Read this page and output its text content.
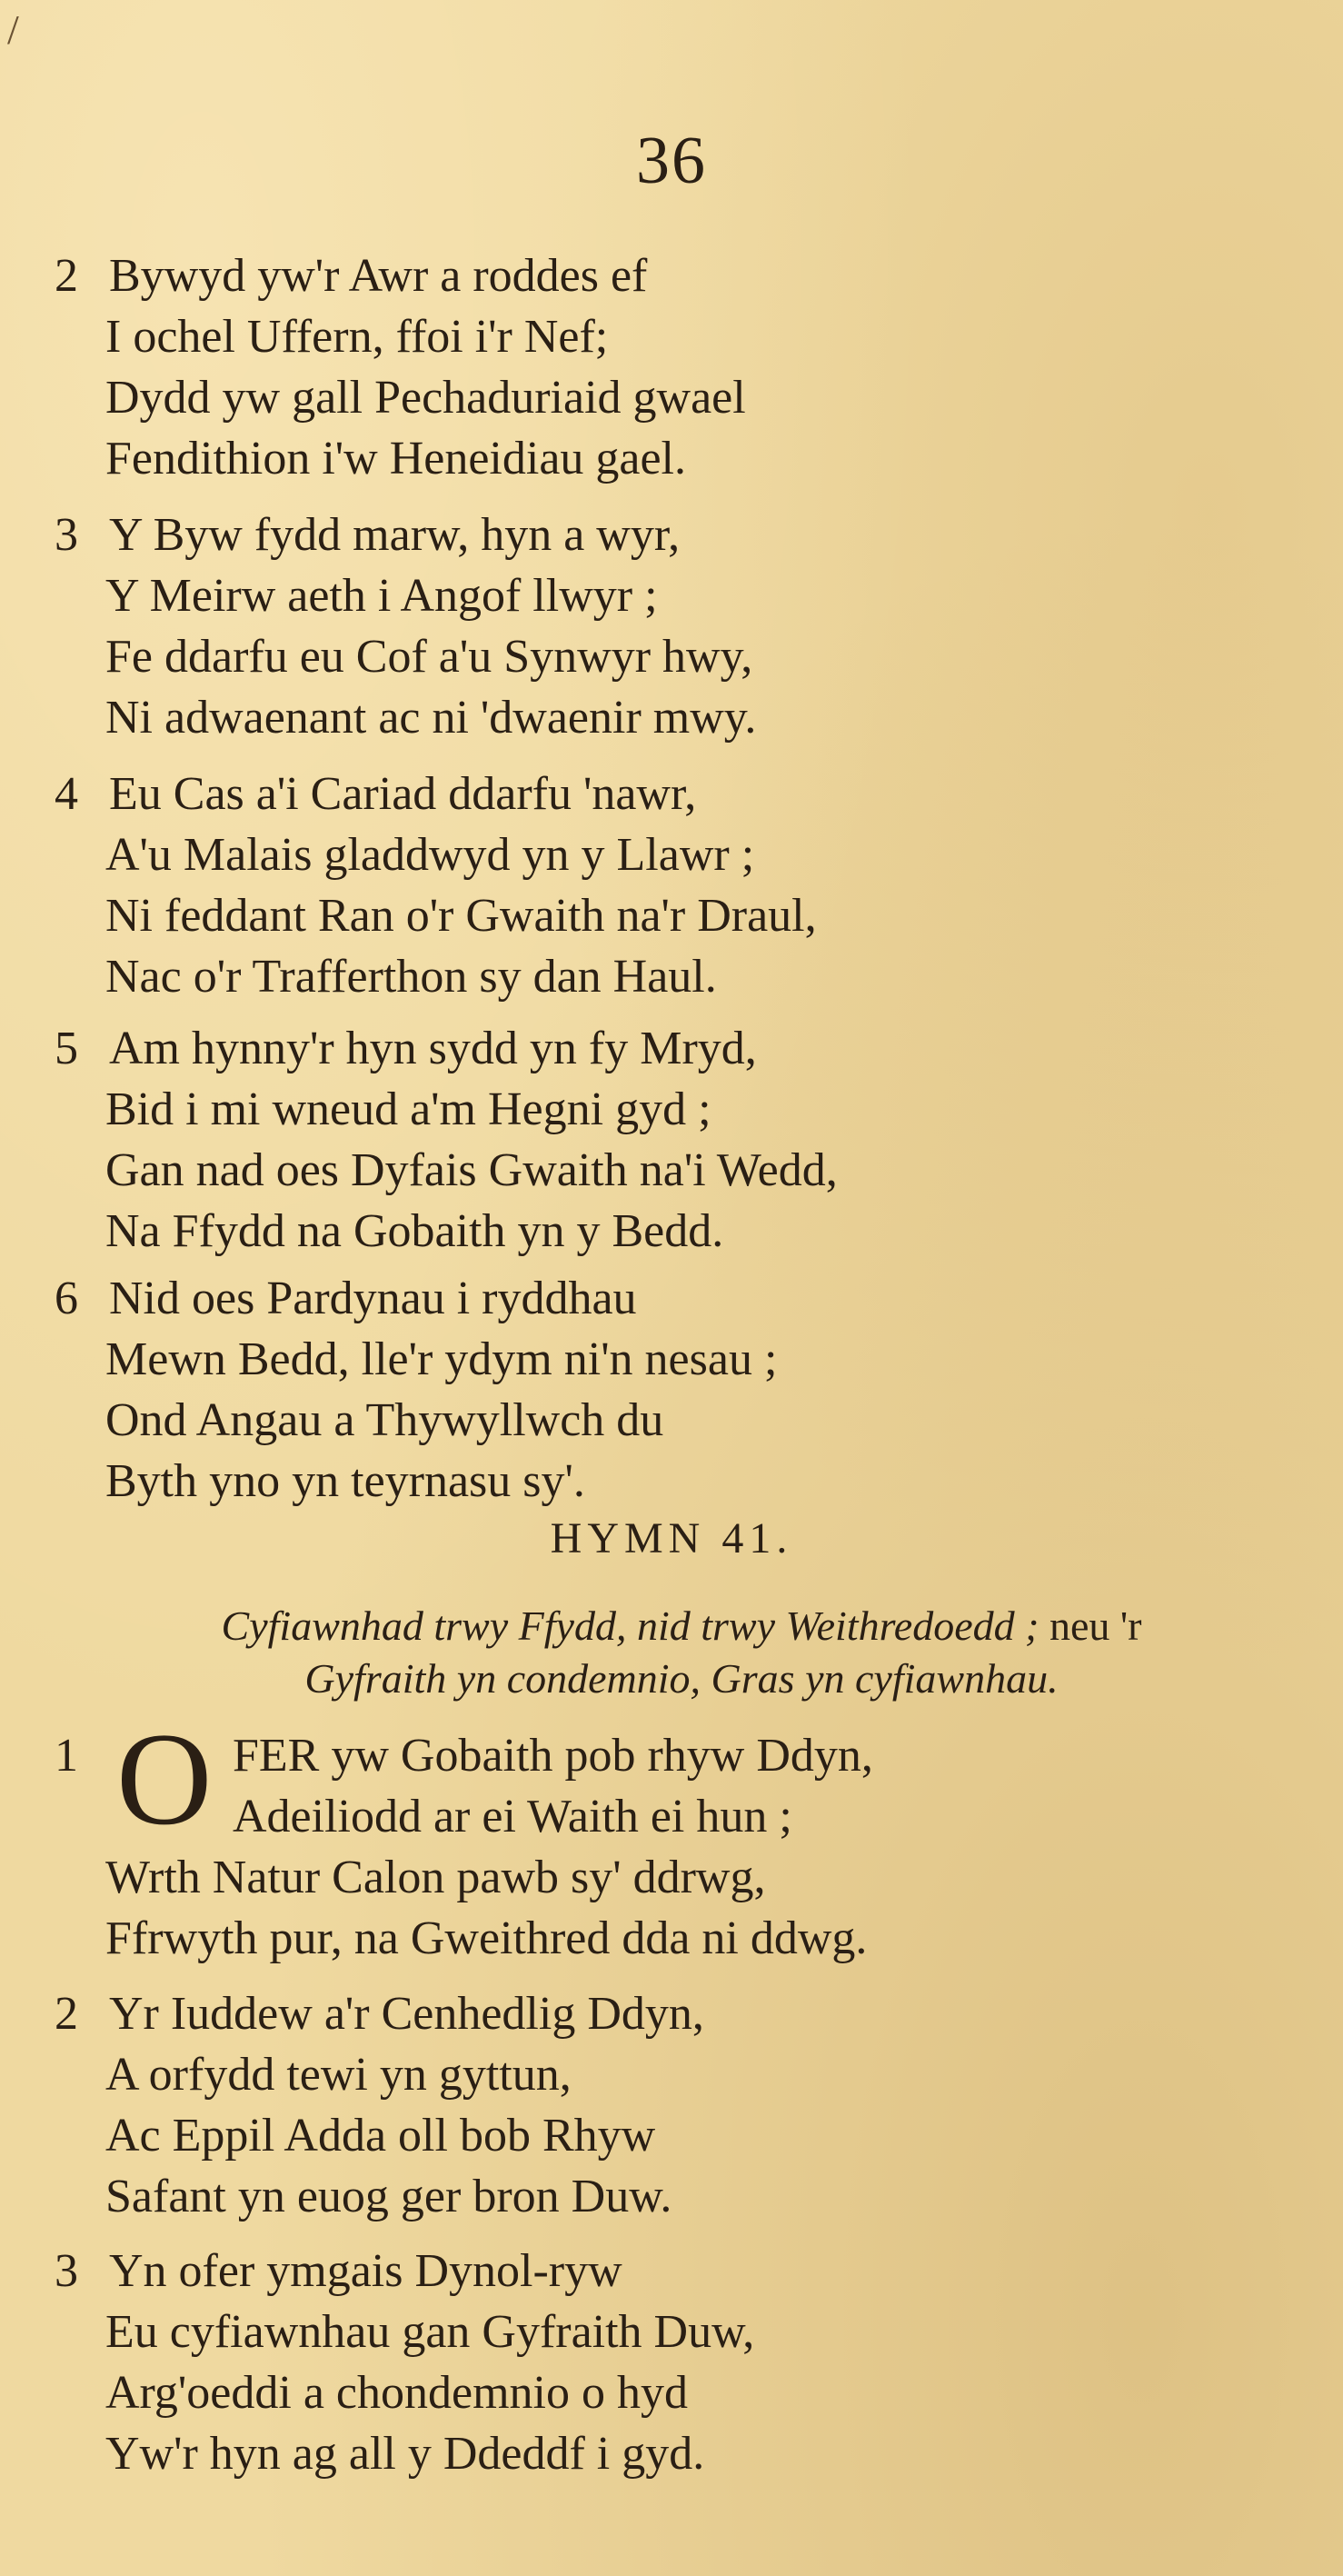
/
36
2 Bywyd yw'r Awr a roddes ef
I ochel Uffern, ffoi i'r Nef;
Dydd yw gall Pechaduriaid gwael
Fendithion i'w Heneidiau gael.
3 Y Byw fydd marw, hyn a wyr,
Y Meirw aeth i Angof llwyr ;
Fe ddarfu eu Cof a'u Synwyr hwy,
Ni adwaenant ac ni 'dwaenir mwy.
4 Eu Cas a'i Cariad ddarfu 'nawr,
A'u Malais gladdwyd yn y Llawr ;
Ni feddant Ran o'r Gwaith na'r Draul,
Nac o'r Trafferthon sy dan Haul.
5 Am hynny'r hyn sydd yn fy Mryd,
Bid i mi wneud a'm Hegni gyd ;
Gan nad oes Dyfais Gwaith na'i Wedd,
Na Ffydd na Gobaith yn y Bedd.
6 Nid oes Pardynau i ryddhau
Mewn Bedd, lle'r ydym ni'n nesau ;
Ond Angau a Thywyllwch du
Byth yno yn teyrnasu sy'.
HYMN 41.
Cyfiawnhad trwy Ffydd, nid trwy Weithredoedd ; neu 'r
Gyfraith yn condemnio, Gras yn cyfiawnhau.
1 O FER yw Gobaith pob rhyw Ddyn,
Adeiliodd ar ei Waith ei hun ;
Wrth Natur Calon pawb sy' ddrwg,
Ffrwyth pur, na Gweithred dda ni ddwg.
2 Yr Iuddew a'r Cenhedlig Ddyn,
A orfydd tewi yn gyttun,
Ac Eppil Adda oll bob Rhyw
Safant yn euog ger bron Duw.
3 Yn ofer ymgais Dynol-ryw
Eu cyfiawnhau gan Gyfraith Duw,
Arg'oeddi a chondemnio o hyd
Yw'r hyn ag all y Ddeddf i gyd.
